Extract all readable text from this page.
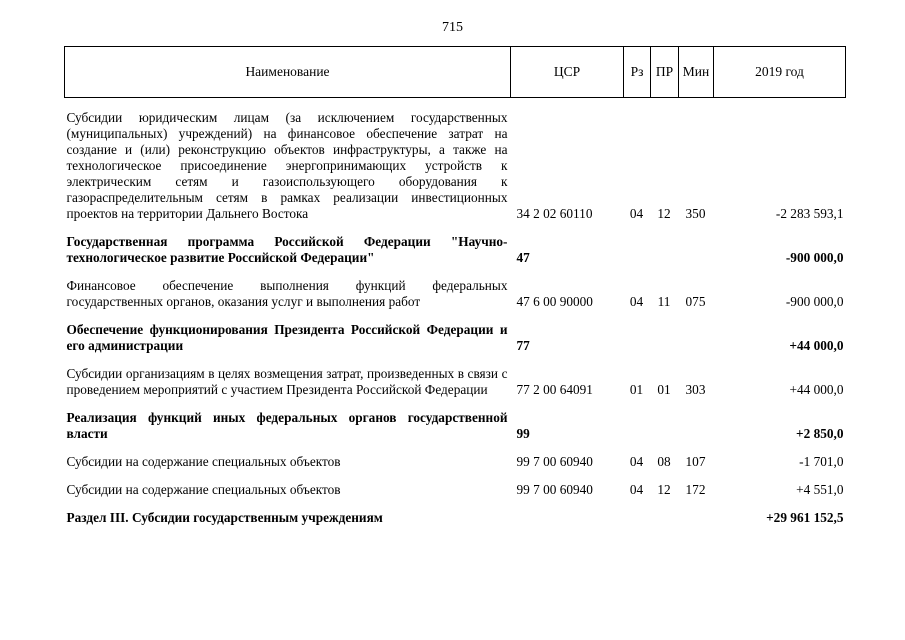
715
Наименование	ЦСР	Рз	ПР	Мин	2019 год

Субсидии юридическим лицам (за исключением государственных (муниципальных) учреждений) на финансовое обеспечение затрат на создание и (или) реконструкцию объектов инфраструктуры, а также на технологическое присоединение энергопринимающих устройств к электрическим сетям и газоиспользующего оборудования к газораспределительным сетям в рамках реализации инвестиционных проектов на территории Дальнего Востока	34 2 02 60110	04	12	350	-2 283 593,1

Государственная программа Российской Федерации "Научно-технологическое развитие Российской Федерации"	47				-900 000,0

Финансовое обеспечение выполнения функций федеральных государственных органов, оказания услуг и выполнения работ	47 6 00 90000	04	11	075	-900 000,0

Обеспечение функционирования Президента Российской Федерации и его администрации	77				+44 000,0

Субсидии организациям в целях возмещения затрат, произведенных в связи с проведением мероприятий с участием Президента Российской Федерации	77 2 00 64091	01	01	303	+44 000,0

Реализация функций иных федеральных органов государственной власти	99				+2 850,0

Субсидии на содержание специальных объектов	99 7 00 60940	04	08	107	-1 701,0

Субсидии на содержание специальных объектов	99 7 00 60940	04	12	172	+4 551,0

Раздел III. Субсидии государственным учреждениям					+29 961 152,5
